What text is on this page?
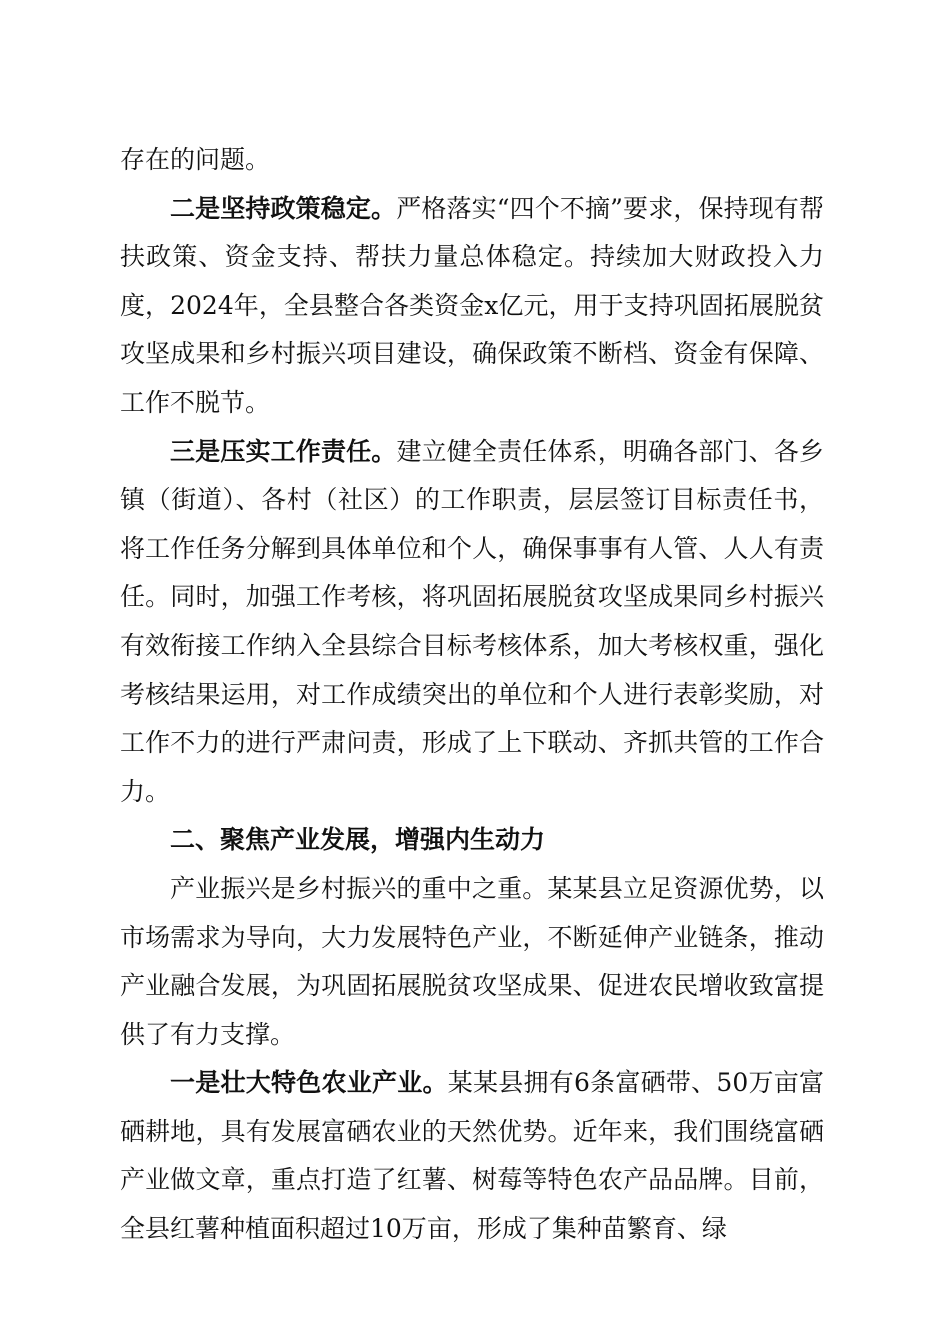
存在的问题。

二是坚持政策稳定。严格落实“四个不摘”要求，保持现有帮扶政策、资金支持、帮扶力量总体稳定。持续加大财政投入力度，2024年，全县整合各类资金x亿元，用于支持巩固拓展脱贫攻坚成果和乡村振兴项目建设，确保政策不断档、资金有保障、工作不脱节。

三是压实工作责任。建立健全责任体系，明确各部门、各乡镇（街道）、各村（社区）的工作职责，层层签订目标责任书，将工作任务分解到具体单位和个人，确保事事有人管、人人有责任。同时，加强工作考核，将巩固拓展脱贫攻坚成果同乡村振兴有效衔接工作纳入全县综合目标考核体系，加大考核权重，强化考核结果运用，对工作成绩突出的单位和个人进行表彰奖励，对工作不力的进行严肃问责，形成了上下联动、齐抓共管的工作合力。

二、聚焦产业发展，增强内生动力

产业振兴是乡村振兴的重中之重。某某县立足资源优势，以市场需求为导向，大力发展特色产业，不断延伸产业链条，推动产业融合发展，为巩固拓展脱贫攻坚成果、促进农民增收致富提供了有力支撑。

一是壮大特色农业产业。某某县拥有6条富硒带、50万亩富硒耕地，具有发展富硒农业的天然优势。近年来，我们围绕富硒产业做文章，重点打造了红薯、树莓等特色农产品品牌。目前，全县红薯种植面积超过10万亩，形成了集种苗繁育、绿
